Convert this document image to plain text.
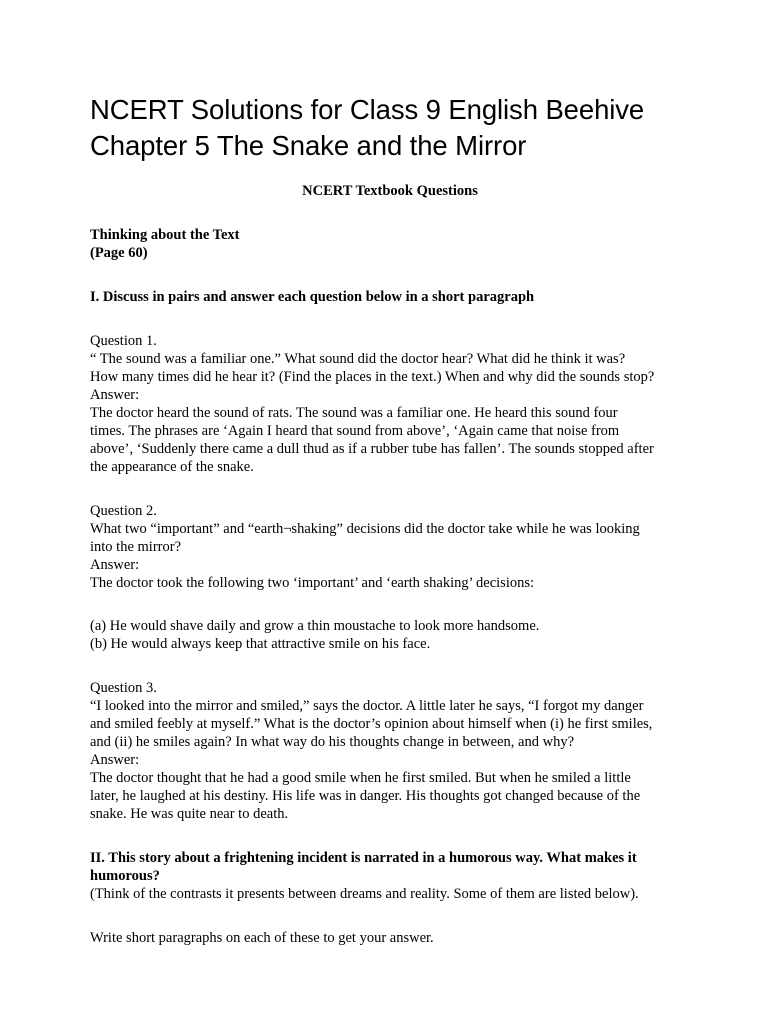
NCERT Solutions for Class 9 English Beehive
Chapter 5 The Snake and the Mirror
NCERT Textbook Questions
Thinking about the Text
(Page 60)
I. Discuss in pairs and answer each question below in a short paragraph
Question 1.
“ The sound was a familiar one.” What sound did the doctor hear? What did he think it was?
How many times did he hear it? (Find the places in the text.) When and why did the sounds stop?
Answer:
The doctor heard the sound of rats. The sound was a familiar one. He heard this sound four
times. The phrases are ‘Again I heard that sound from above’, ‘Again came that noise from
above’, ‘Suddenly there came a dull thud as if a rubber tube has fallen’. The sounds stopped after
the appearance of the snake.
Question 2.
What two “important” and “earth¬shaking” decisions did the doctor take while he was looking
into the mirror?
Answer:
The doctor took the following two ‘important’ and ‘earth shaking’ decisions:
(a) He would shave daily and grow a thin moustache to look more handsome.
(b) He would always keep that attractive smile on his face.
Question 3.
“I looked into the mirror and smiled,” says the doctor. A little later he says, “I forgot my danger
and smiled feebly at myself.” What is the doctor’s opinion about himself when (i) he first smiles,
and (ii) he smiles again? In what way do his thoughts change in between, and why?
Answer:
The doctor thought that he had a good smile when he first smiled. But when he smiled a little
later, he laughed at his destiny. His life was in danger. His thoughts got changed because of the
snake. He was quite near to death.
II. This story about a frightening incident is narrated in a humorous way. What makes it
humorous?
(Think of the contrasts it presents between dreams and reality. Some of them are listed below).
Write short paragraphs on each of these to get your answer.
